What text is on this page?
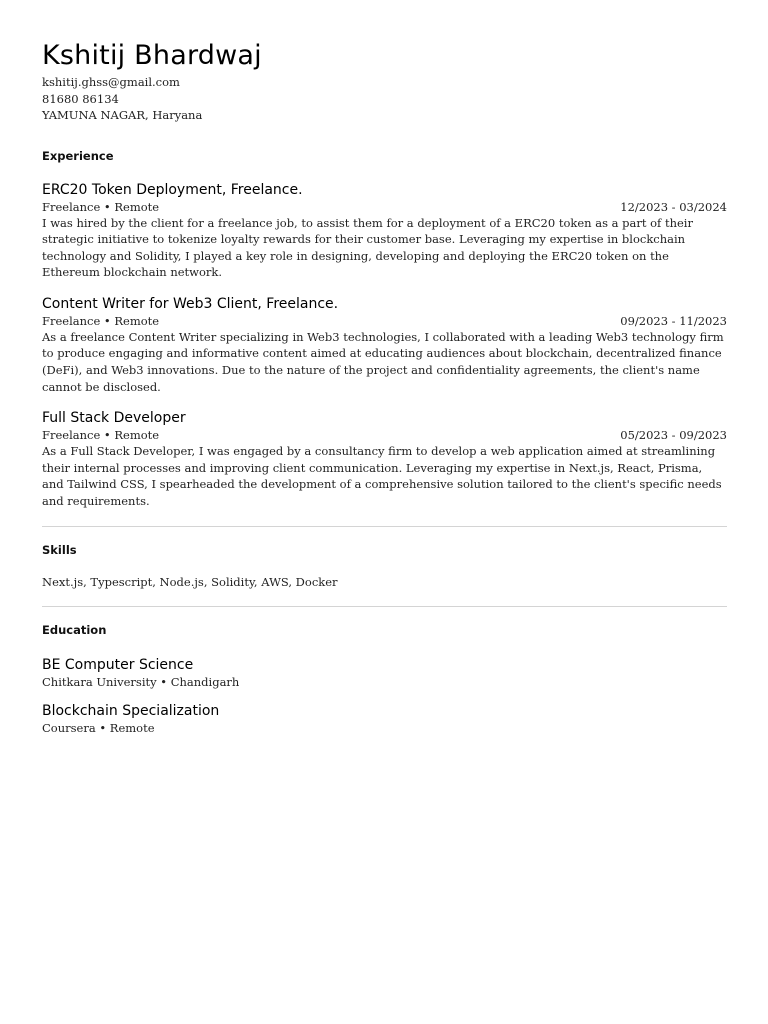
Kshitij Bhardwaj
kshitij.ghss@gmail.com
81680 86134
YAMUNA NAGAR, Haryana
Experience
ERC20 Token Deployment, Freelance.
Freelance • Remote	12/2023 - 03/2024

I was hired by the client for a freelance job, to assist them for a deployment of a ERC20 token as a part of their strategic initiative to tokenize loyalty rewards for their customer base. Leveraging my expertise in blockchain technology and Solidity, I played a key role in designing, developing and deploying the ERC20 token on the Ethereum blockchain network.

Content Writer for Web3 Client, Freelance.
Freelance • Remote	09/2023 - 11/2023

As a freelance Content Writer specializing in Web3 technologies, I collaborated with a leading Web3 technology firm to produce engaging and informative content aimed at educating audiences about blockchain, decentralized finance (DeFi), and Web3 innovations. Due to the nature of the project and confidentiality agreements, the client's name cannot be disclosed.

Full Stack Developer
Freelance • Remote	05/2023 - 09/2023

As a Full Stack Developer, I was engaged by a consultancy firm to develop a web application aimed at streamlining their internal processes and improving client communication. Leveraging my expertise in Next.js, React, Prisma, and Tailwind CSS, I spearheaded the development of a comprehensive solution tailored to the client's specific needs and requirements.

Skills
Next.js, Typescript, Node.js, Solidity, AWS, Docker
Education
BE Computer Science
Chitkara University • Chandigarh
Blockchain Specialization
Coursera • Remote
